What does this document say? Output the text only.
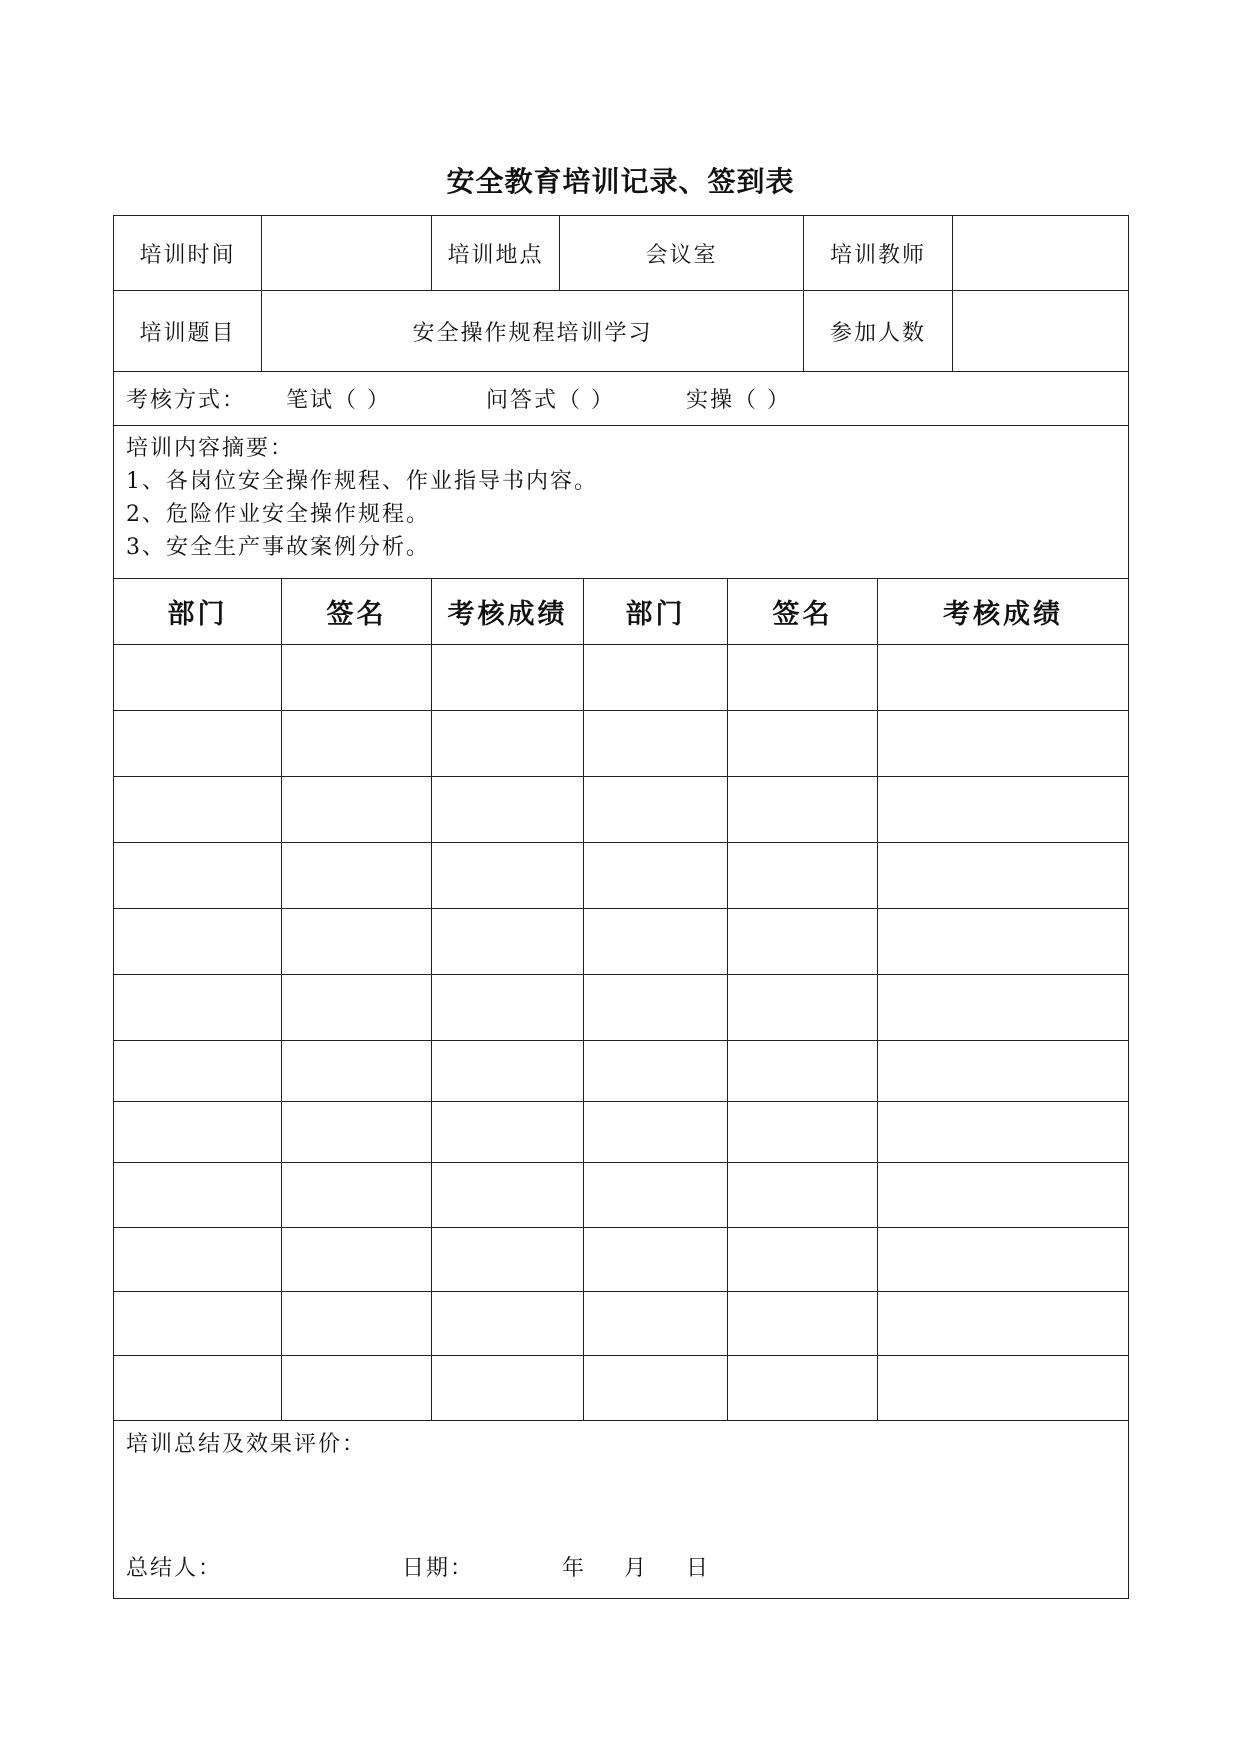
安全教育培训记录、签到表
培训时间			培训地点	会议室			培训教师		
培训题目	安全操作规程培训学习						参加人数		
考核方式： 笔试（ ） 问答式（ ） 实操（ ）									

培训内容摘要：
1、各岗位安全操作规程、作业指导书内容。
2、危险作业安全操作规程。
3、安全生产事故案例分析。									

部门		签名	考核成绩		部门	签名		考核成绩	

培训总结及效果评价：
总结人： 日期： 年 月 日									
